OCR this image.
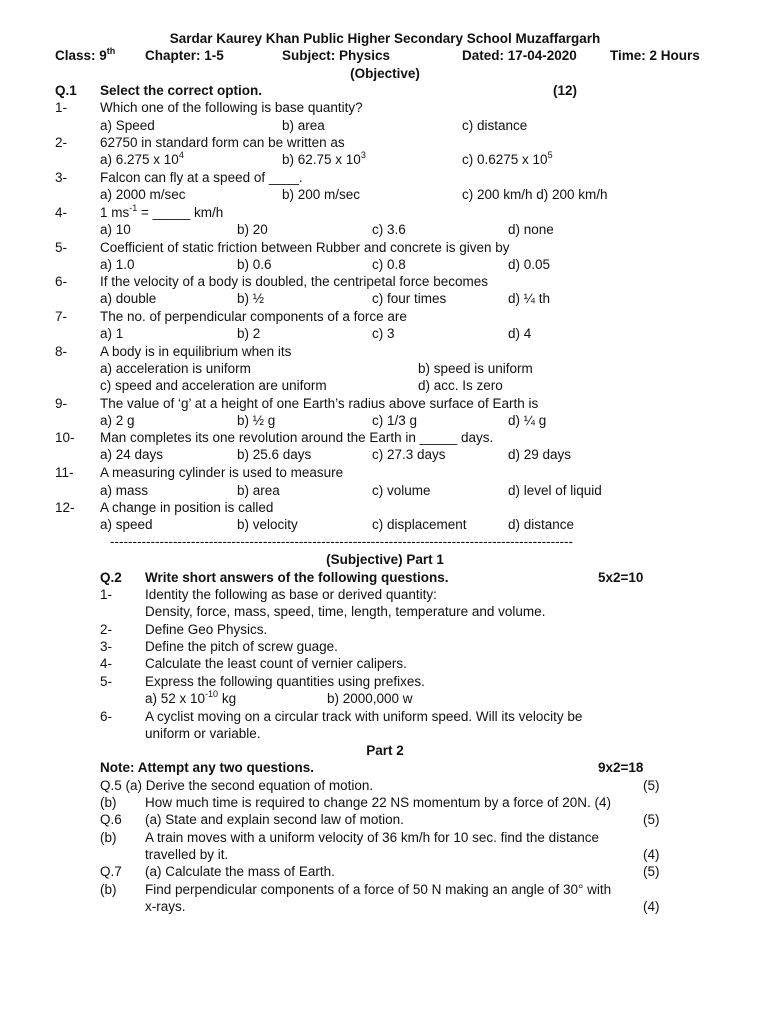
Sardar Kaurey Khan Public Higher Secondary School Muzaffargarh
Class: 9th Chapter: 1-5	Subject: Physics	Dated: 17-04-2020 Time: 2 Hours
(Objective)
Q.1 Select the correct option.	(12)
1- Which one of the following is base quantity?
a) Speed	b) area	c) distance
2- 62750 in standard form can be written as
a) 6.275 x $10^4$	b) 62.75 x $10^3$	c) 0.6275 x $10^5$
3- Falcon can fly at a speed of ____.
a) 2000 m/sec	b) 200 m/sec	c) 200 km/h d) 200 km/h
4- 1 $ms^{-1}$ = _____ km/h
a) 10	b) 20	c) 3.6	d) none
5- Coefficient of static friction between Rubber and concrete is given by
a) 1.0	b) 0.6	c) 0.8	d) 0.05
6- If the velocity of a body is doubled, the centripetal force becomes
a) double	b) ½	c) four times	d) ¼ th
7- The no. of perpendicular components of a force are
a) 1	b) 2	c) 3	d) 4
8- A body is in equilibrium when its
a) acceleration is uniform	b) speed is uniform
c) speed and acceleration are uniform	d) acc. Is zero
9- The value of ‘g’ at a height of one Earth’s radius above surface of Earth is
a) 2 g	b) ½ g	c) 1/3 g	d) ¼ g
10- Man completes its one revolution around the Earth in _____ days.
a) 24 days	b) 25.6 days	c) 27.3 days	d) 29 days
11- A measuring cylinder is used to measure
a) mass	b) area	c) volume	d) level of liquid
12- A change in position is called
a) speed	b) velocity	c) displacement	d) distance
-------------------------------------------------------------------------------------------------------
(Subjective) Part 1
Q.2 Write short answers of the following questions.	5x2=10
1- Identity the following as base or derived quantity:
Density, force, mass, speed, time, length, temperature and volume.
2- Define Geo Physics.
3- Define the pitch of screw guage.
4- Calculate the least count of vernier calipers.
5- Express the following quantities using prefixes.
a) 52 x $10^{-10}$ kg	b) 2000,000 w
6- A cyclist moving on a circular track with uniform speed. Will its velocity be
uniform or variable.
Part 2
Note: Attempt any two questions.	9x2=18
Q.5 (a) Derive the second equation of motion.	(5)
(b) How much time is required to change 22 NS momentum by a force of 20N. (4)
Q.6 (a) State and explain second law of motion.	(5)
(b) A train moves with a uniform velocity of 36 km/h for 10 sec. find the distance
travelled by it.	(4)
Q.7 (a) Calculate the mass of Earth.	(5)
(b) Find perpendicular components of a force of 50 N making an angle of 30° with
x-rays.	(4)
